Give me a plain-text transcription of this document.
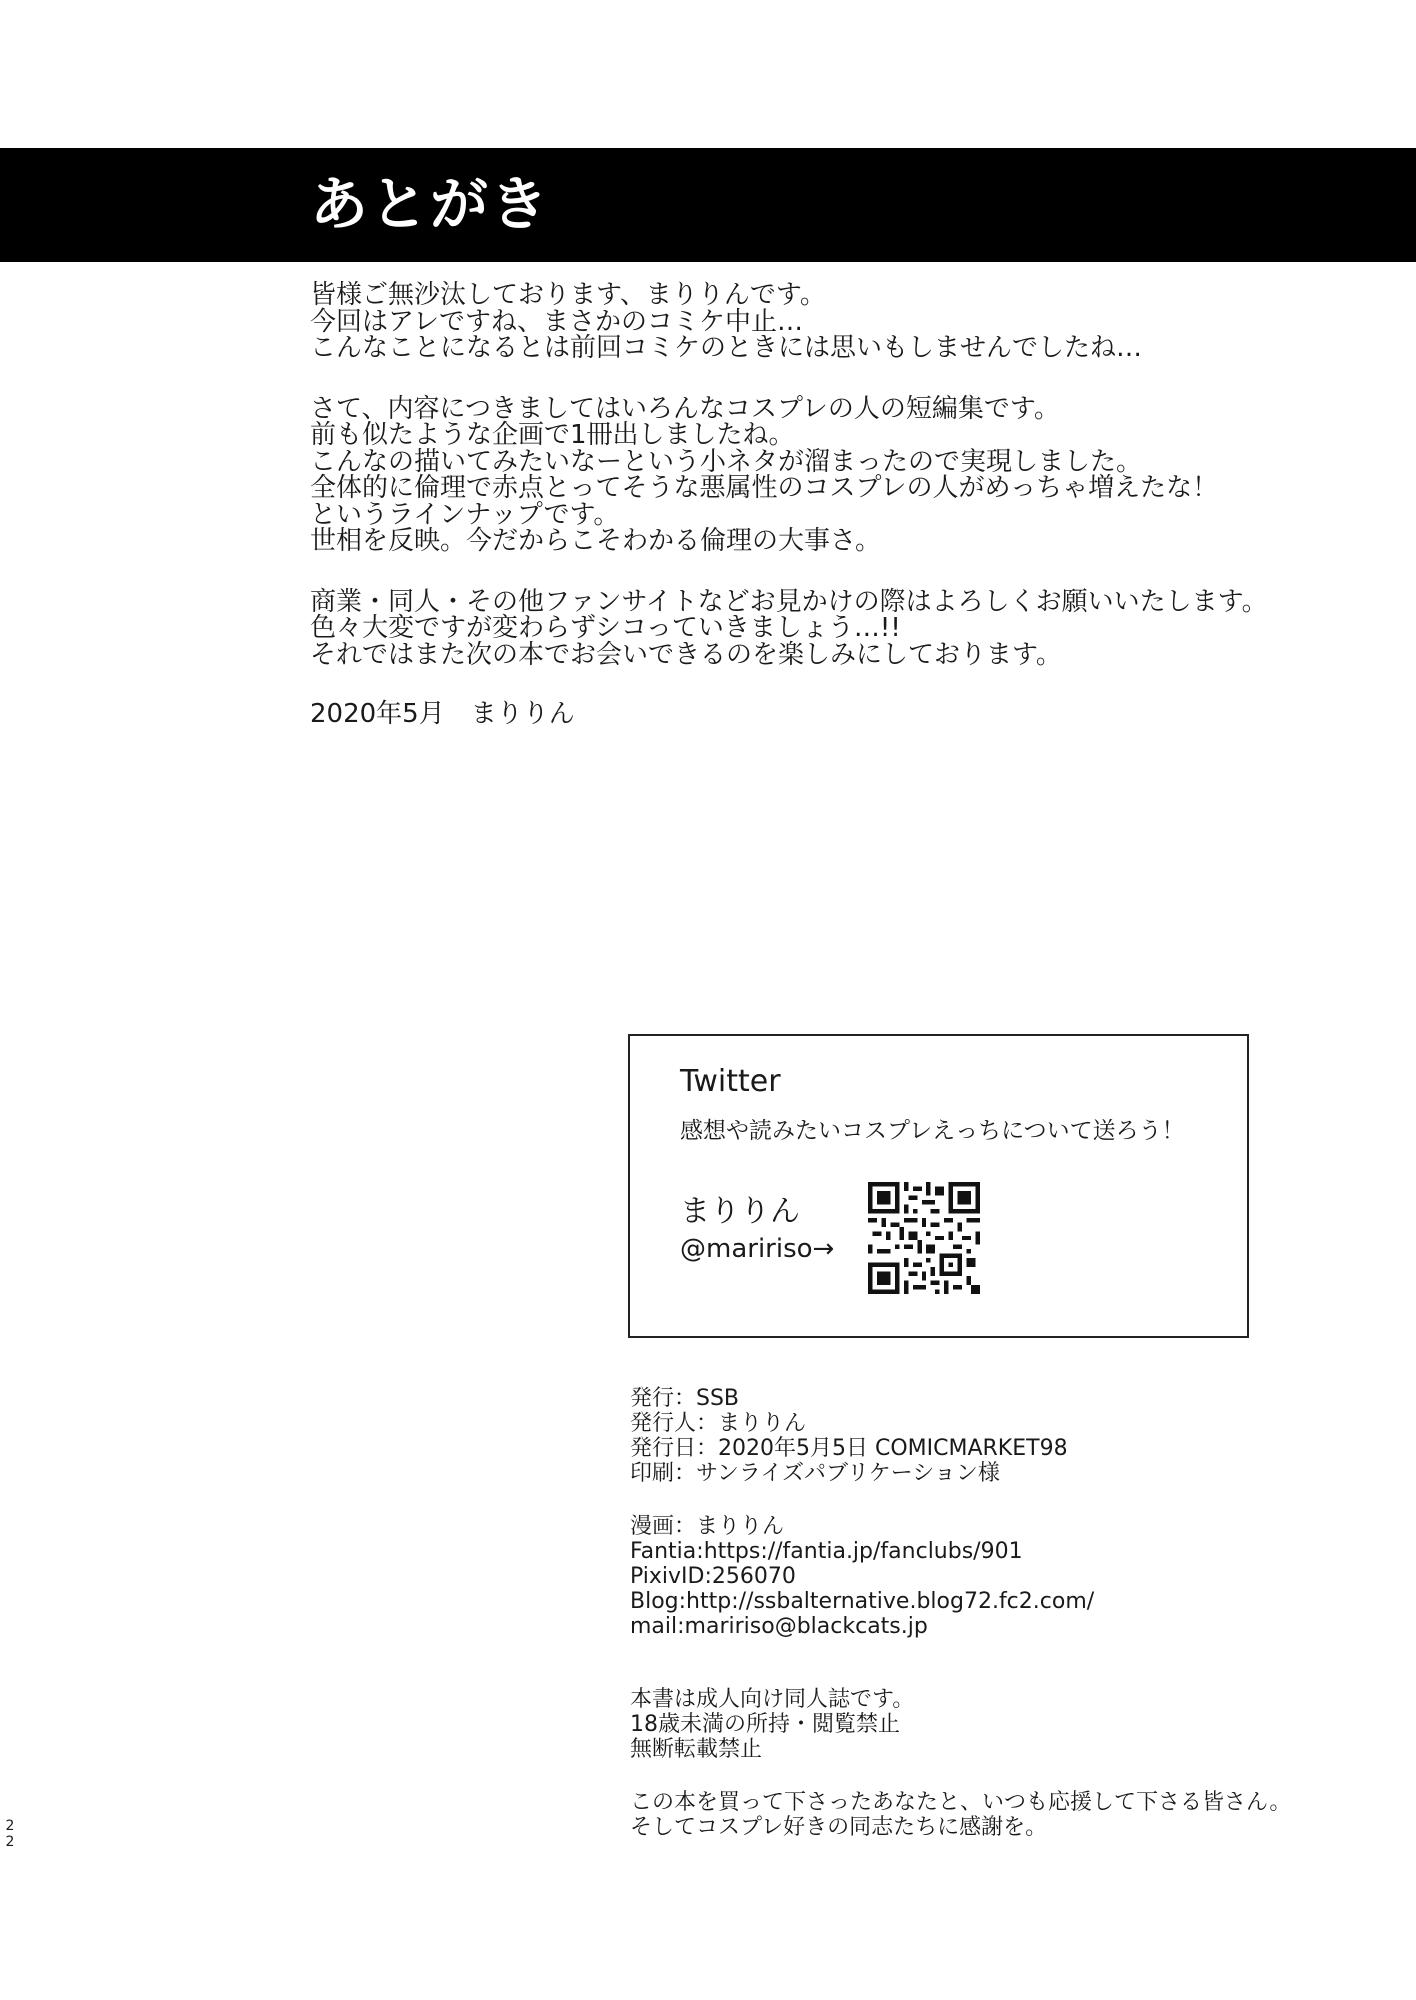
あとがき

皆様ご無沙汰しております、まりりんです。

今回はアレですね、まさかのコミケ中止…

こんなことになるとは前回コミケのときには思いもしませんでしたね…

さて、内容につきましてはいろんなコスプレの人の短編集です。

前も似たような企画で1冊出しましたね。

こんなの描いてみたいなーという小ネタが溜まったので実現しました。

全体的に倫理で赤点とってそうな悪属性のコスプレの人がめっちゃ増えたな！

というラインナップです。

世相を反映。今だからこそわかる倫理の大事さ。

商業・同人・その他ファンサイトなどお見かけの際はよろしくお願いいたします。

色々大変ですが変わらずシコっていきましょう…!!

それではまた次の本でお会いできるのを楽しみにしております。

2020年5月　まりりん

Twitter

感想や読みたいコスプレえっちについて送ろう！

まりりん

@maririso→

発行：SSB

発行人：まりりん

発行日：2020年5月5日 COMICMARKET98

印刷：サンライズパブリケーション様

漫画：まりりん

Fantia:https://fantia.jp/fanclubs/901

PixivID:256070

Blog:http://ssbalternative.blog72.fc2.com/

mail:maririso@blackcats.jp

本書は成人向け同人誌です。

18歳未満の所持・閲覧禁止

無断転載禁止

この本を買って下さったあなたと、いつも応援して下さる皆さん。

そしてコスプレ好きの同志たちに感謝を。

2
2
